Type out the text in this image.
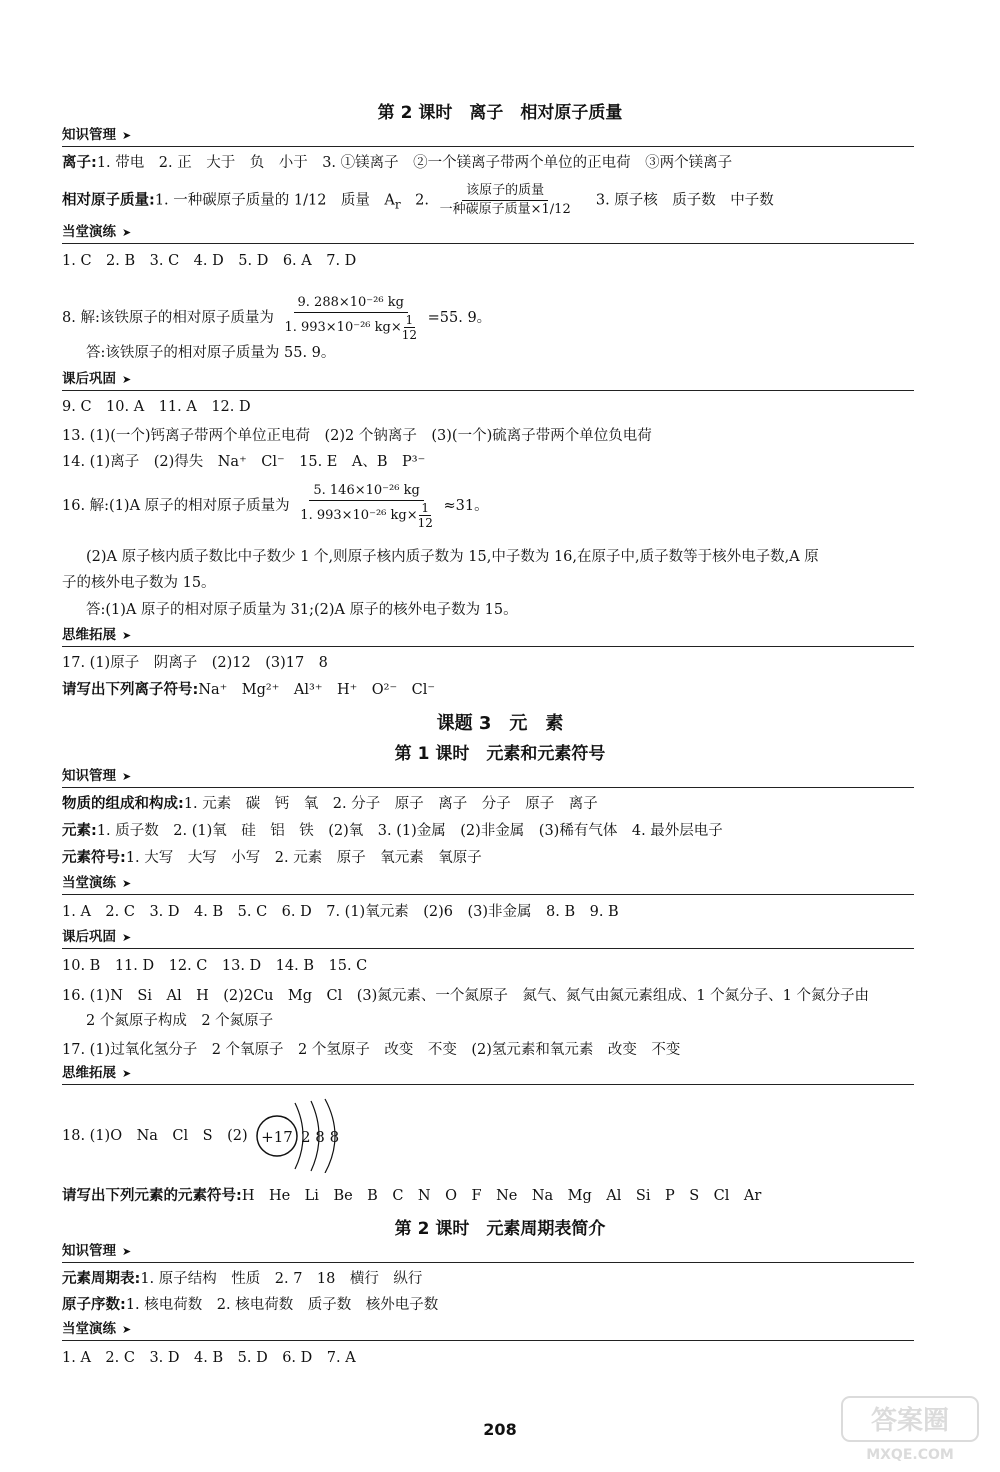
第 2 课时　离子　相对原子质量
知识管理 ➤
离子:1. 带电　2. 正　大于　负　小于　3. ①镁离子　②一个镁离子带两个单位的正电荷　③两个镁离子
相对原子质量:1. 一种碳原子质量的 1/12　质量　$A_r$　2. $\frac{\text{该原子的质量}}{\text{一种碳原子质量×1/12}}$ 　3. 原子核　质子数　中子数
当堂演练 ➤
1. C　2. B　3. C　4. D　5. D　6. A　7. D
8. 解:该铁原子的相对原子质量为 $\frac{\text{9. 288×10⁻²⁶ kg}}{1. 993\times 10^{-26} kg\times \frac{1}{12}} =55$. 9。
答:该铁原子的相对原子质量为 55. 9。
课后巩固 ➤
9. C　10. A　11. A　12. D
13. (1)(一个)钙离子带两个单位正电荷　(2)2 个钠离子　(3)(一个)硫离子带两个单位负电荷
14. (1)离子　(2)得失　Na⁺　Cl⁻　15. E　A、B　P³⁻
16. 解:(1)A 原子的相对原子质量为 $\frac{\text{5. 146×10⁻²⁶ kg}}{1. 993\times 10^{-26} kg\times \frac{1}{12}} \approx 31$。
(2)A 原子核内质子数比中子数少 1 个,则原子核内质子数为 15,中子数为 16,在原子中,质子数等于核外电子数,A 原
子的核外电子数为 15。
答:(1)A 原子的相对原子质量为 31;(2)A 原子的核外电子数为 15。
思维拓展 ➤
17. (1)原子　阴离子　(2)12　(3)17　8
请写出下列离子符号:Na⁺　Mg²⁺　Al³⁺　H⁺　O²⁻　Cl⁻
课题 3　元　素
第 1 课时　元素和元素符号
知识管理 ➤
物质的组成和构成:1. 元素　碳　钙　氧　2. 分子　原子　离子　分子　原子　离子
元素:1. 质子数　2. (1)氧　硅　铝　铁　(2)氧　3. (1)金属　(2)非金属　(3)稀有气体　4. 最外层电子
元素符号:1. 大写　大写　小写　2. 元素　原子　氧元素　氧原子
当堂演练 ➤
1. A　2. C　3. D　4. B　5. C　6. D　7. (1)氧元素　(2)6　(3)非金属　8. B　9. B
课后巩固 ➤
10. B　11. D　12. C　13. D　14. B　15. C
16. (1)N　Si　Al　H　(2)2Cu　Mg　Cl　(3)氮元素、一个氮原子　氮气、氮气由氮元素组成、1 个氮分子、1 个氮分子由
2 个氮原子构成　2 个氮原子
17. (1)过氧化氢分子　2 个氧原子　2 个氢原子　改变　不变　(2)氢元素和氧元素　改变　不变
思维拓展 ➤
18. (1)O　Na　Cl　S　(2) +17 2 8 8
请写出下列元素的元素符号:H　He　Li　Be　B　C　N　O　F　Ne　Na　Mg　Al　Si　P　S　Cl　Ar
第 2 课时　元素周期表简介
知识管理 ➤
元素周期表:1. 原子结构　性质　2. 7　18　横行　纵行
原子序数:1. 核电荷数　2. 核电荷数　质子数　核外电子数
当堂演练 ➤
1. A　2. C　3. D　4. B　5. D　6. D　7. A
208	答案圈
MXQE.COM
